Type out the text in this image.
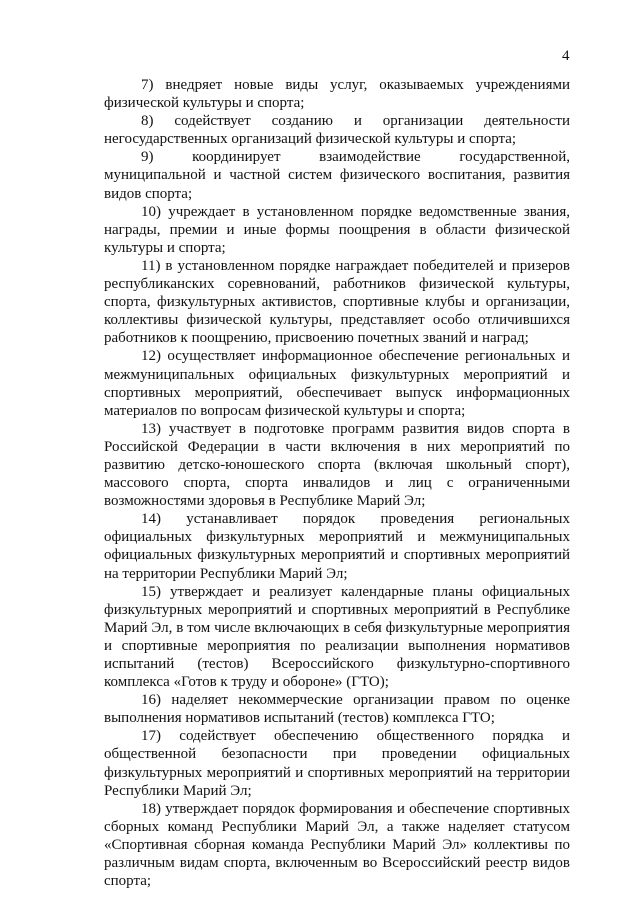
4

7) внедряет новые виды услуг, оказываемых учреждениями физической культуры и спорта;

8) содействует созданию и организации деятельности негосударственных организаций физической культуры и спорта;

9) координирует взаимодействие государственной, муниципальной и частной систем физического воспитания, развития видов спорта;

10) учреждает в установленном порядке ведомственные звания, награды, премии и иные формы поощрения в области физической культуры и спорта;

11) в установленном порядке награждает победителей и призеров республиканских соревнований, работников физической культуры, спорта, физкультурных активистов, спортивные клубы и организации, коллективы физической культуры, представляет особо отличившихся работников к поощрению, присвоению почетных званий и наград;

12) осуществляет информационное обеспечение региональных и межмуниципальных официальных физкультурных мероприятий и спортивных мероприятий, обеспечивает выпуск информационных материалов по вопросам физической культуры и спорта;

13) участвует в подготовке программ развития видов спорта в Российской Федерации в части включения в них мероприятий по развитию детско-юношеского спорта (включая школьный спорт), массового спорта, спорта инвалидов и лиц с ограниченными возможностями здоровья в Республике Марий Эл;

14) устанавливает порядок проведения региональных официальных физкультурных мероприятий и межмуниципальных официальных физкультурных мероприятий и спортивных мероприятий на территории Республики Марий Эл;

15) утверждает и реализует календарные планы официальных физкультурных мероприятий и спортивных мероприятий в Республике Марий Эл, в том числе включающих в себя физкультурные мероприятия и спортивные мероприятия по реализации выполнения нормативов испытаний (тестов) Всероссийского физкультурно-спортивного комплекса «Готов к труду и обороне» (ГТО);

16) наделяет некоммерческие организации правом по оценке выполнения нормативов испытаний (тестов) комплекса ГТО;

17) содействует обеспечению общественного порядка и общественной безопасности при проведении официальных физкультурных мероприятий и спортивных мероприятий на территории Республики Марий Эл;

18) утверждает порядок формирования и обеспечение спортивных сборных команд Республики Марий Эл, а также наделяет статусом «Спортивная сборная команда Республики Марий Эл» коллективы по различным видам спорта, включенным во Всероссийский реестр видов спорта;
